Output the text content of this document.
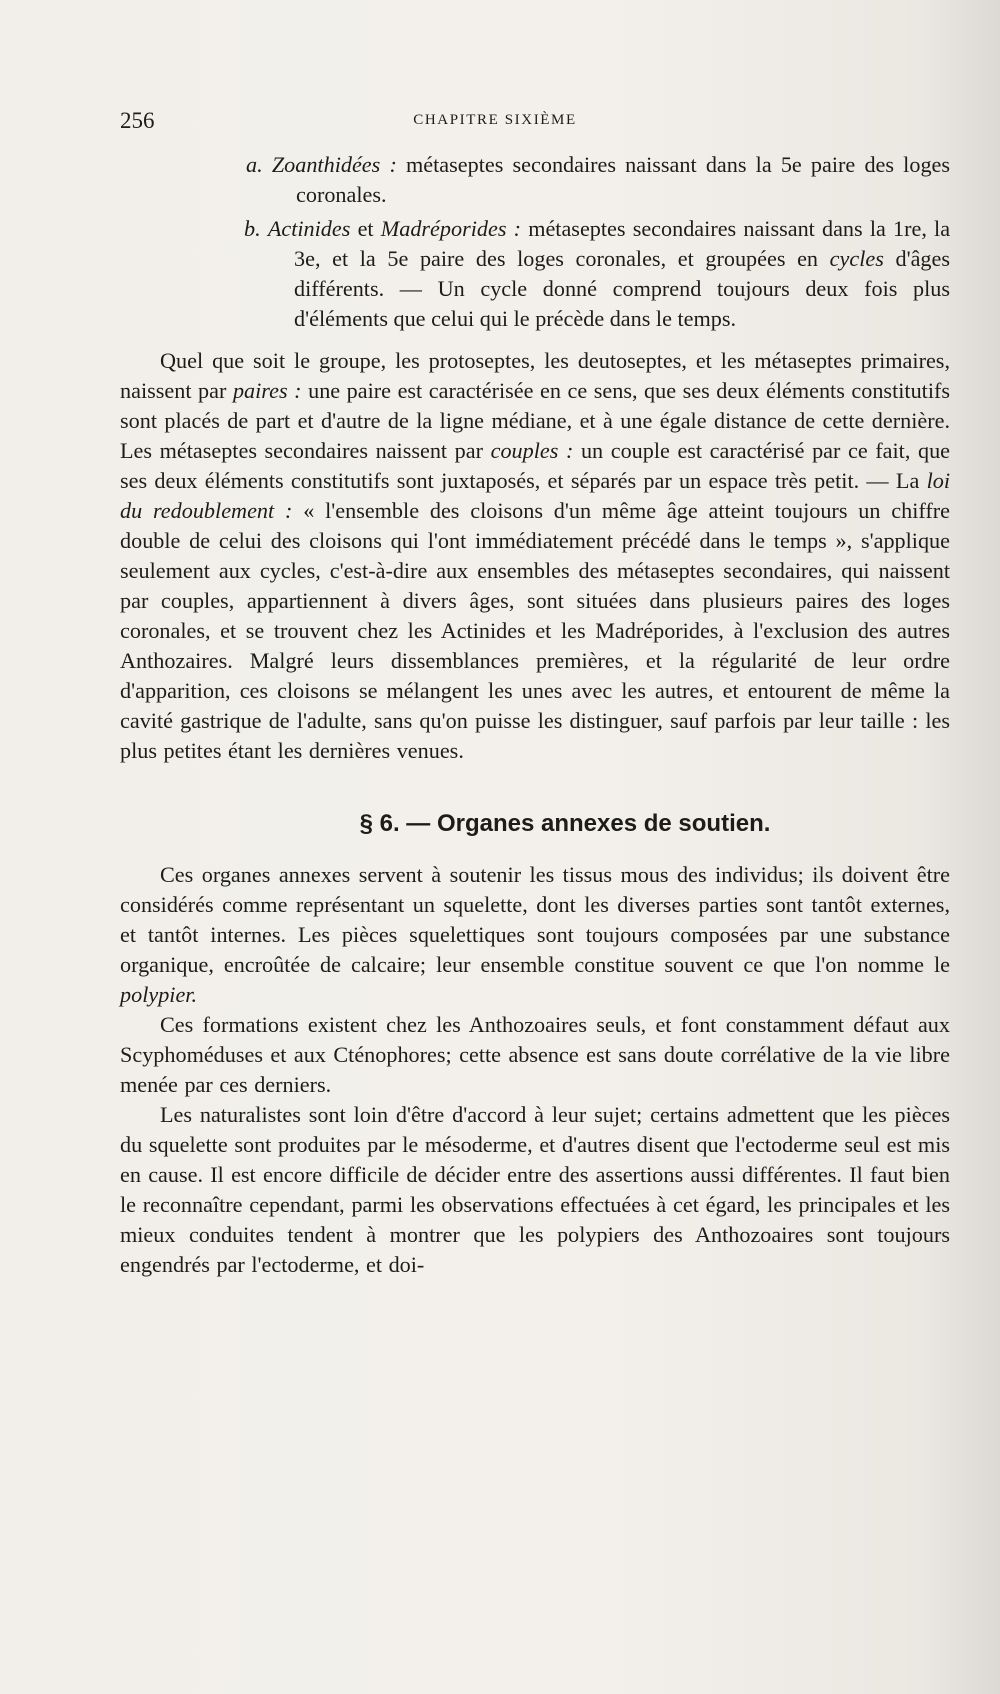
256	CHAPITRE SIXIÈME

a. Zoanthidées : métaseptes secondaires naissant dans la 5e paire des loges coronales.

b. Actinides et Madréporides : métaseptes secondaires naissant dans la 1re, la 3e, et la 5e paire des loges coronales, et groupées en cycles d'âges différents. — Un cycle donné comprend toujours deux fois plus d'éléments que celui qui le précède dans le temps.

Quel que soit le groupe, les protoseptes, les deutoseptes, et les métaseptes primaires, naissent par paires : une paire est caractérisée en ce sens, que ses deux éléments constitutifs sont placés de part et d'autre de la ligne médiane, et à une égale distance de cette dernière. Les métaseptes secondaires naissent par couples : un couple est caractérisé par ce fait, que ses deux éléments constitutifs sont juxtaposés, et séparés par un espace très petit. — La loi du redoublement : « l'ensemble des cloisons d'un même âge atteint toujours un chiffre double de celui des cloisons qui l'ont immédiatement précédé dans le temps », s'applique seulement aux cycles, c'est-à-dire aux ensembles des métaseptes secondaires, qui naissent par couples, appartiennent à divers âges, sont situées dans plusieurs paires des loges coronales, et se trouvent chez les Actinides et les Madréporides, à l'exclusion des autres Anthozaires. Malgré leurs dissemblances premières, et la régularité de leur ordre d'apparition, ces cloisons se mélangent les unes avec les autres, et entourent de même la cavité gastrique de l'adulte, sans qu'on puisse les distinguer, sauf parfois par leur taille : les plus petites étant les dernières venues.

§ 6. — Organes annexes de soutien.

Ces organes annexes servent à soutenir les tissus mous des individus; ils doivent être considérés comme représentant un squelette, dont les diverses parties sont tantôt externes, et tantôt internes. Les pièces squelettiques sont toujours composées par une substance organique, encroûtée de calcaire; leur ensemble constitue souvent ce que l'on nomme le polypier.

Ces formations existent chez les Anthozoaires seuls, et font constamment défaut aux Scyphoméduses et aux Cténophores; cette absence est sans doute corrélative de la vie libre menée par ces derniers.

Les naturalistes sont loin d'être d'accord à leur sujet; certains admettent que les pièces du squelette sont produites par le mésoderme, et d'autres disent que l'ectoderme seul est mis en cause. Il est encore difficile de décider entre des assertions aussi différentes. Il faut bien le reconnaître cependant, parmi les observations effectuées à cet égard, les principales et les mieux conduites tendent à montrer que les polypiers des Anthozoaires sont toujours engendrés par l'ectoderme, et doi-
